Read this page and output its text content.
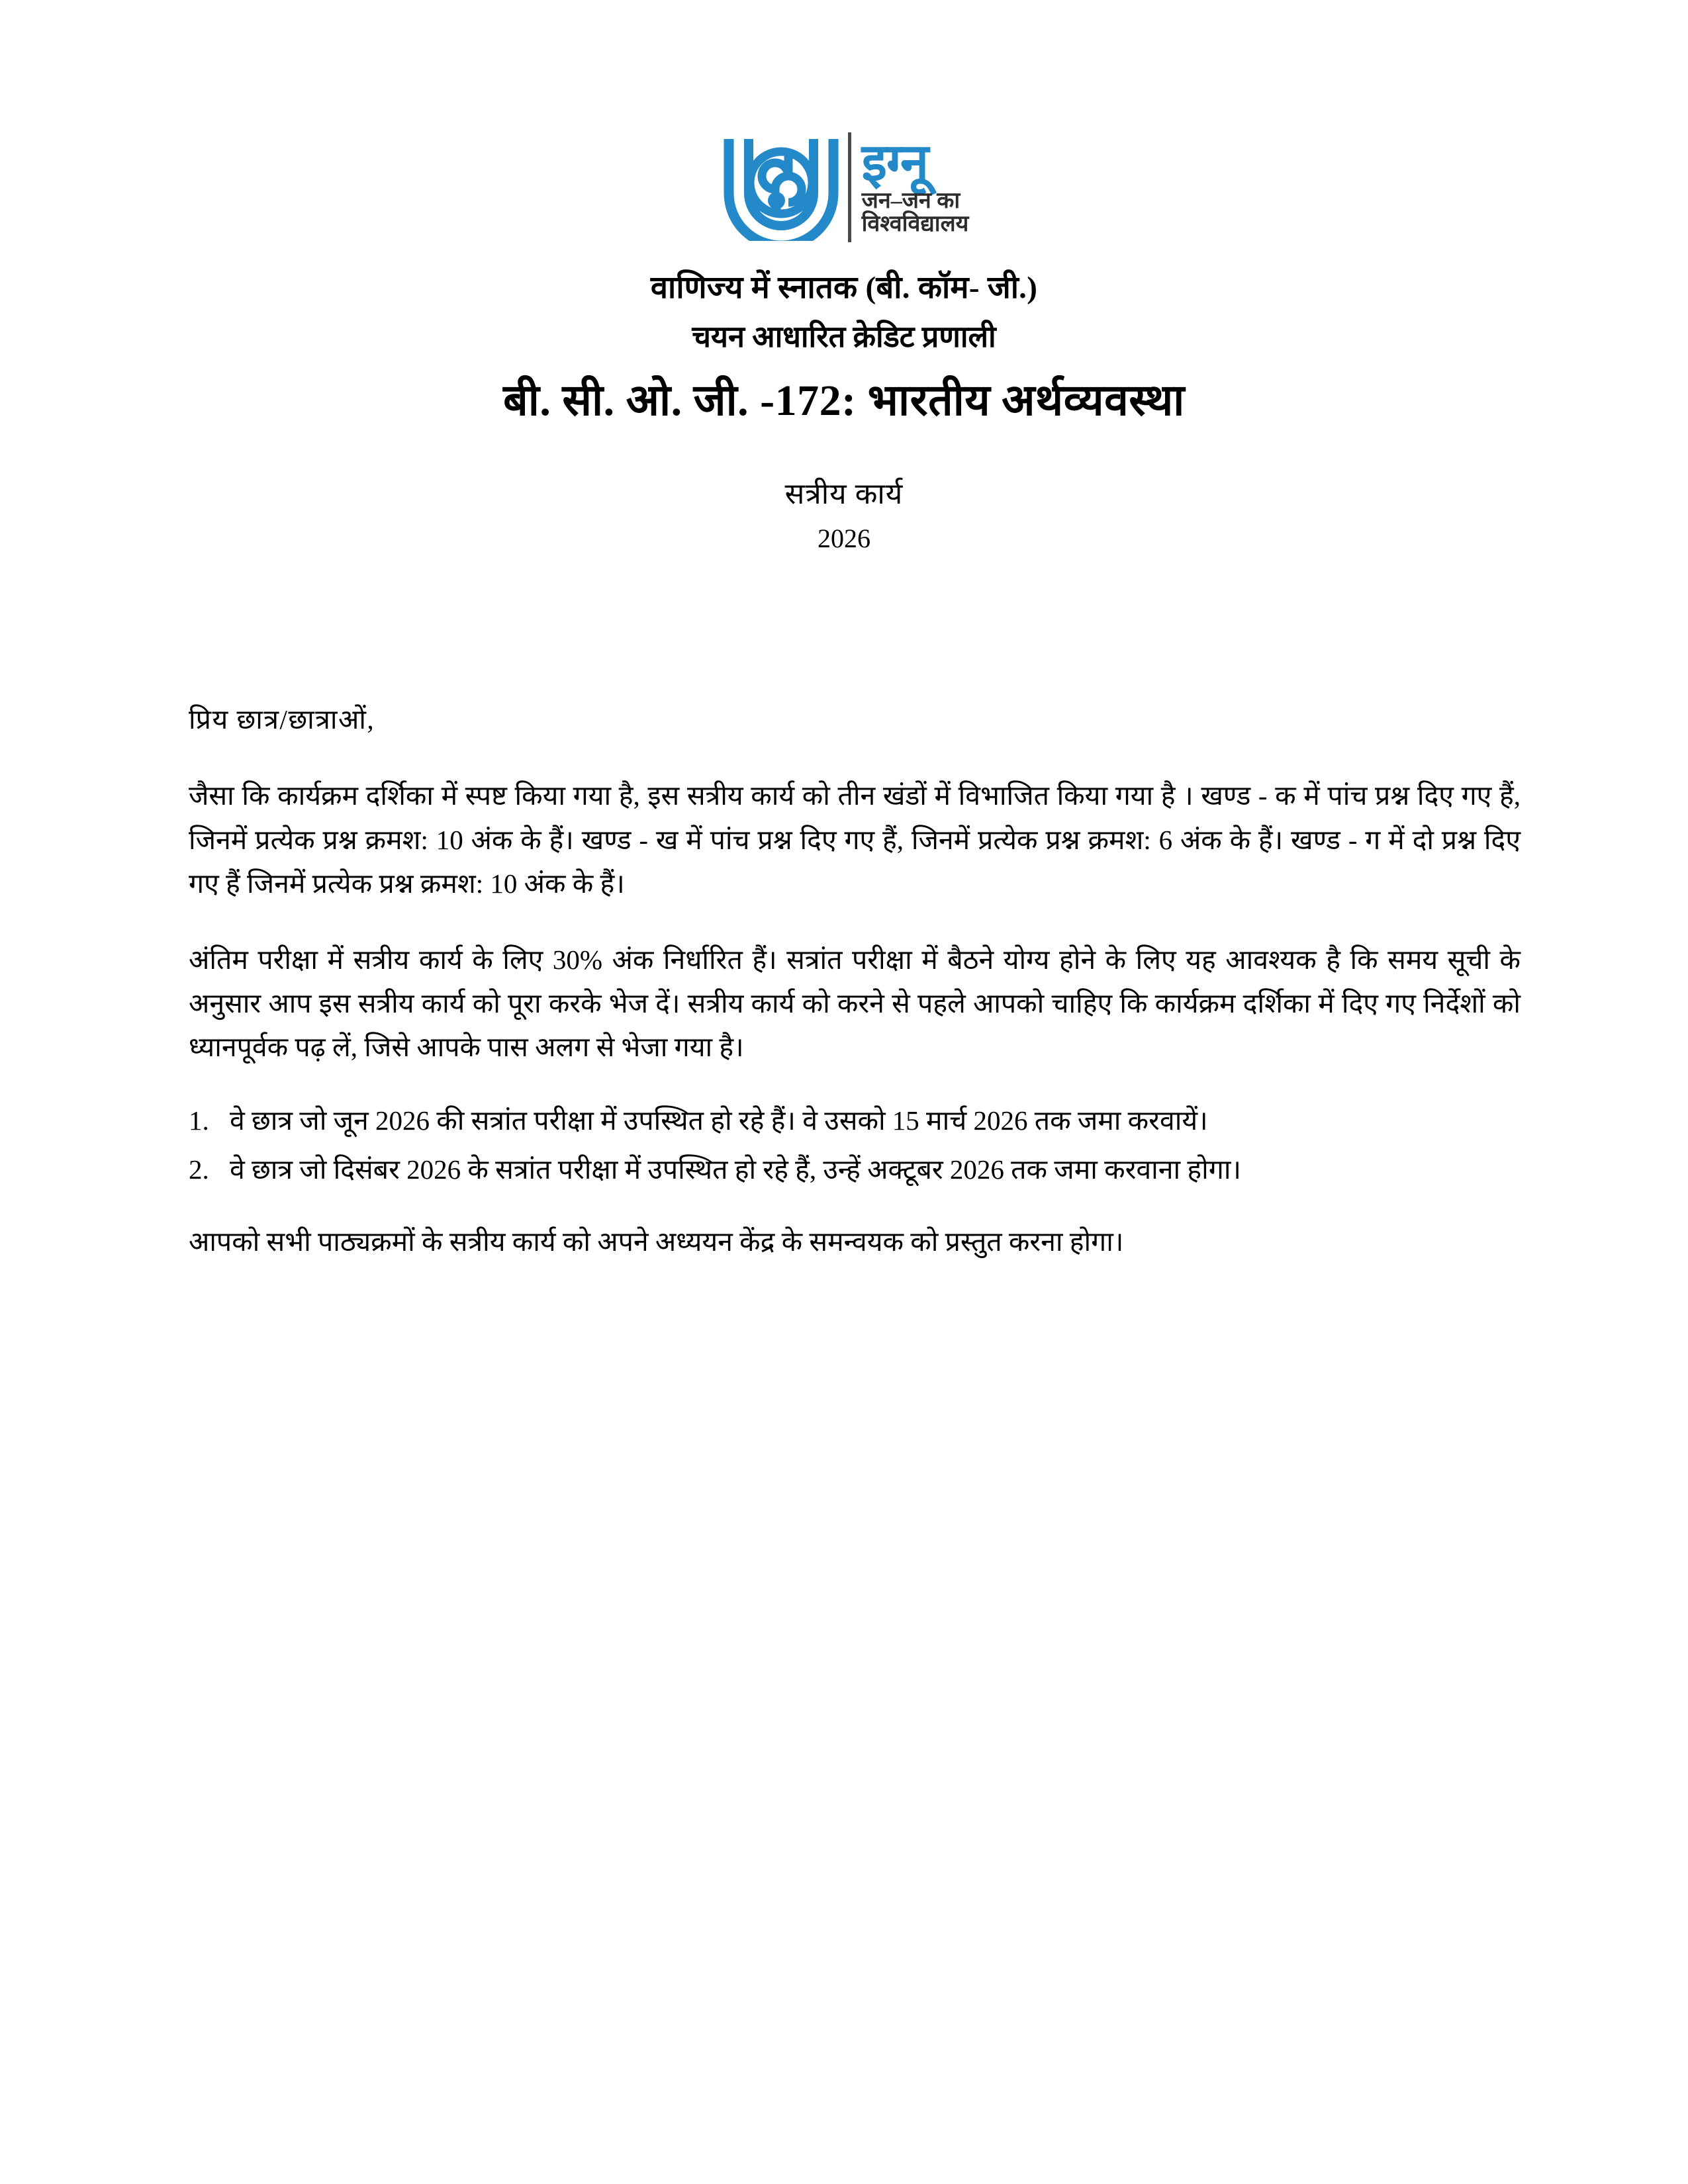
इग्नू
जन–जन का
विश्वविद्यालय
वाणिज्य में स्नातक (बी. कॉम- जी.)
चयन आधारित क्रेडिट प्रणाली
बी. सी. ओ. जी. -172: भारतीय अर्थव्यवस्था
सत्रीय कार्य
2026
प्रिय छात्र/छात्राओं,

जैसा कि कार्यक्रम दर्शिका में स्पष्ट किया गया है, इस सत्रीय कार्य को तीन खंडों में विभाजित किया गया है । खण्ड - क में पांच प्रश्न दिए गए हैं, जिनमें प्रत्येक प्रश्न क्रमश: 10 अंक के हैं। खण्ड - ख में पांच प्रश्न दिए गए हैं, जिनमें प्रत्येक प्रश्न क्रमश: 6 अंक के हैं। खण्ड - ग में दो प्रश्न दिए गए हैं जिनमें प्रत्येक प्रश्न क्रमश: 10 अंक के हैं।

अंतिम परीक्षा में सत्रीय कार्य के लिए 30% अंक निर्धारित हैं। सत्रांत परीक्षा में बैठने योग्य होने के लिए यह आवश्यक है कि समय सूची के अनुसार आप इस सत्रीय कार्य को पूरा करके भेज दें। सत्रीय कार्य को करने से पहले आपको चाहिए कि कार्यक्रम दर्शिका में दिए गए निर्देशों को ध्यानपूर्वक पढ़ लें, जिसे आपके पास अलग से भेजा गया है।

वे छात्र जो जून 2026 की सत्रांत परीक्षा में उपस्थित हो रहे हैं। वे उसको 15 मार्च 2026 तक जमा करवायें।
वे छात्र जो दिसंबर 2026 के सत्रांत परीक्षा में उपस्थित हो रहे हैं, उन्हें अक्टूबर 2026 तक जमा करवाना होगा।

आपको सभी पाठ्यक्रमों के सत्रीय कार्य को अपने अध्ययन केंद्र के समन्वयक को प्रस्तुत करना होगा।
